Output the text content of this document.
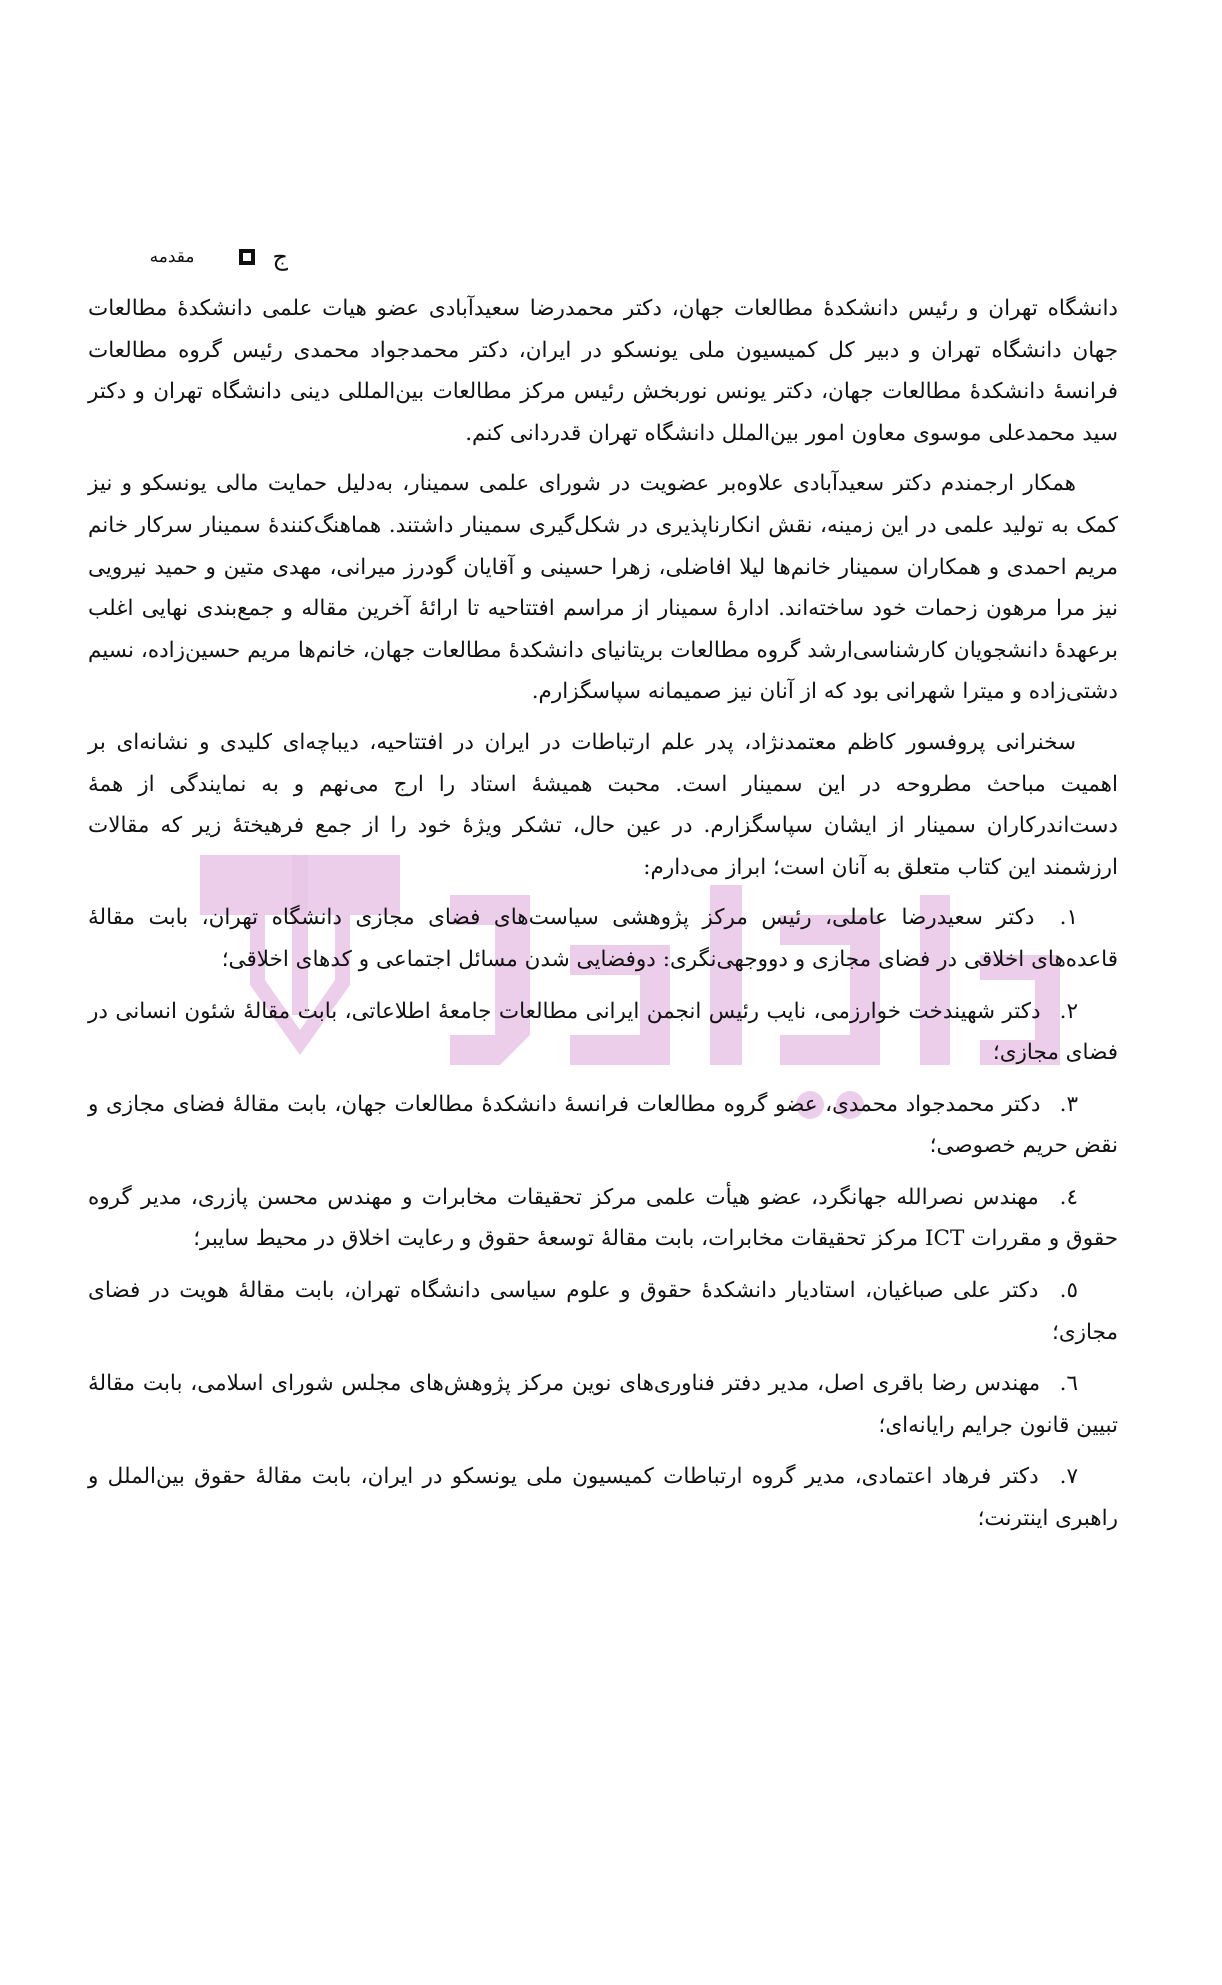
ج
مقدمه

دانشگاه تهران و رئیس دانشکدهٔ مطالعات جهان، دکتر محمدرضا سعیدآبادی عضو هیات علمی دانشکدهٔ مطالعات جهان دانشگاه تهران و دبیر کل کمیسیون ملی یونسکو در ایران، دکتر محمدجواد محمدی رئیس گروه مطالعات فرانسهٔ دانشکدهٔ مطالعات جهان، دکتر یونس نوربخش رئیس مرکز مطالعات بین‌المللی دینی دانشگاه تهران و دکتر سید محمدعلی موسوی معاون امور بین‌الملل دانشگاه تهران قدردانی کنم.

همکار ارجمندم دکتر سعیدآبادی علاوه‌بر عضویت در شورای علمی سمینار، به‌دلیل حمایت مالی یونسکو و نیز کمک به تولید علمی در این زمینه، نقش انکارناپذیری در شکل‌گیری سمینار داشتند. هماهنگ‌کنندهٔ سمینار سرکار خانم مریم احمدی و همکاران سمینار خانم‌ها لیلا افاضلی، زهرا حسینی و آقایان گودرز میرانی، مهدی متین و حمید نیرویی نیز مرا مرهون زحمات خود ساخته‌اند. ادارهٔ سمینار از مراسم افتتاحیه تا ارائهٔ آخرین مقاله و جمع‌بندی نهایی اغلب برعهدهٔ دانشجویان کارشناسی‌ارشد گروه مطالعات بریتانیای دانشکدهٔ مطالعات جهان، خانم‌ها مریم حسین‌زاده، نسیم دشتی‌زاده و میترا شهرانی بود که از آنان نیز صمیمانه سپاسگزارم.

سخنرانی پروفسور کاظم معتمدنژاد، پدر علم ارتباطات در ایران در افتتاحیه، دیباچه‌ای کلیدی و نشانه‌ای بر اهمیت مباحث مطروحه در این سمینار است. محبت همیشهٔ استاد را ارج می‌نهم و به نمایندگی از همهٔ دست‌اندرکاران سمینار از ایشان سپاسگزارم. در عین حال، تشکر ویژهٔ خود را از جمع فرهیختهٔ زیر که مقالات ارزشمند این کتاب متعلق به آنان است؛ ابراز می‌دارم:

۱. دکتر سعیدرضا عاملی، رئیس مرکز پژوهشی سیاست‌های فضای مجازی دانشگاه تهران، بابت مقالهٔ قاعده‌های اخلاقی در فضای مجازی و دووجهی‌نگری: دوفضایی شدن مسائل اجتماعی و کدهای اخلاقی؛
۲. دکتر شهیندخت خوارزمی، نایب رئیس انجمن ایرانی مطالعات جامعهٔ اطلاعاتی، بابت مقالهٔ شئون انسانی در فضای مجازی؛
۳. دکتر محمدجواد محمدی، عضو گروه مطالعات فرانسهٔ دانشکدهٔ مطالعات جهان، بابت مقالهٔ فضای مجازی و نقض حریم خصوصی؛
٤. مهندس نصرالله جهانگرد، عضو هیأت علمی مرکز تحقیقات مخابرات و مهندس محسن پازری، مدیر گروه حقوق و مقررات ICT مرکز تحقیقات مخابرات، بابت مقالهٔ توسعهٔ حقوق و رعایت اخلاق در محیط سایبر؛
٥. دکتر علی صباغیان، استادیار دانشکدهٔ حقوق و علوم سیاسی دانشگاه تهران، بابت مقالهٔ هویت در فضای مجازی؛
٦. مهندس رضا باقری اصل، مدیر دفتر فناوری‌های نوین مرکز پژوهش‌های مجلس شورای اسلامی، بابت مقالهٔ تبیین قانون جرایم رایانه‌ای؛
۷. دکتر فرهاد اعتمادی، مدیر گروه ارتباطات کمیسیون ملی یونسکو در ایران، بابت مقالهٔ حقوق بین‌الملل و راهبری اینترنت؛
